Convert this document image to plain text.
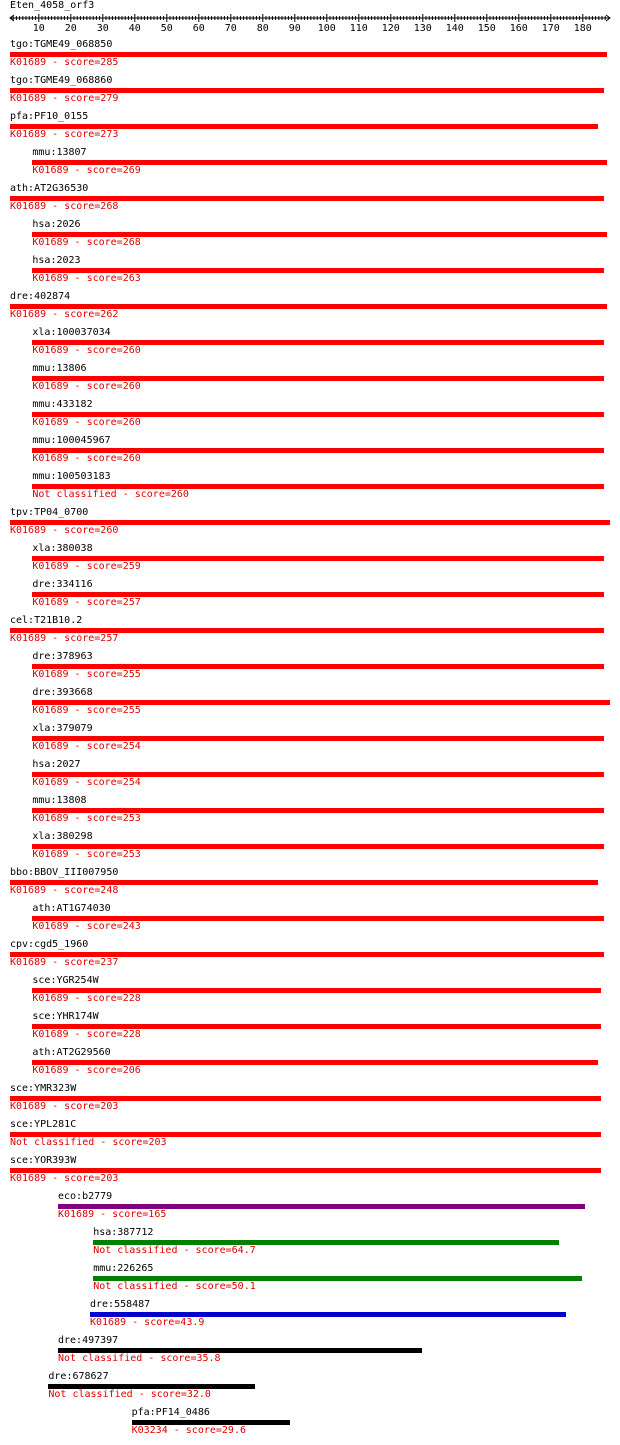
Eten_4058_orf3
10 20 30 40 50 60 70 80 90 100 110 120 130 140 150 160 170 180
tgo:TGME49_068850
K01689 - score=285
tgo:TGME49_068860
K01689 - score=279
pfa:PF10_0155
K01689 - score=273
mmu:13807
K01689 - score=269
ath:AT2G36530
K01689 - score=268
hsa:2026
K01689 - score=268
hsa:2023
K01689 - score=263
dre:402874
K01689 - score=262
xla:100037034
K01689 - score=260
mmu:13806
K01689 - score=260
mmu:433182
K01689 - score=260
mmu:100045967
K01689 - score=260
mmu:100503183
Not classified - score=260
tpv:TP04_0700
K01689 - score=260
xla:380038
K01689 - score=259
dre:334116
K01689 - score=257
cel:T21B10.2
K01689 - score=257
dre:378963
K01689 - score=255
dre:393668
K01689 - score=255
xla:379079
K01689 - score=254
hsa:2027
K01689 - score=254
mmu:13808
K01689 - score=253
xla:380298
K01689 - score=253
bbo:BBOV_III007950
K01689 - score=248
ath:AT1G74030
K01689 - score=243
cpv:cgd5_1960
K01689 - score=237
sce:YGR254W
K01689 - score=228
sce:YHR174W
K01689 - score=228
ath:AT2G29560
K01689 - score=206
sce:YMR323W
K01689 - score=203
sce:YPL281C
Not classified - score=203
sce:YOR393W
K01689 - score=203
eco:b2779
K01689 - score=165
hsa:387712
Not classified - score=64.7
mmu:226265
Not classified - score=50.1
dre:558487
K01689 - score=43.9
dre:497397
Not classified - score=35.8
dre:678627
Not classified - score=32.0
pfa:PF14_0486
K03234 - score=29.6
